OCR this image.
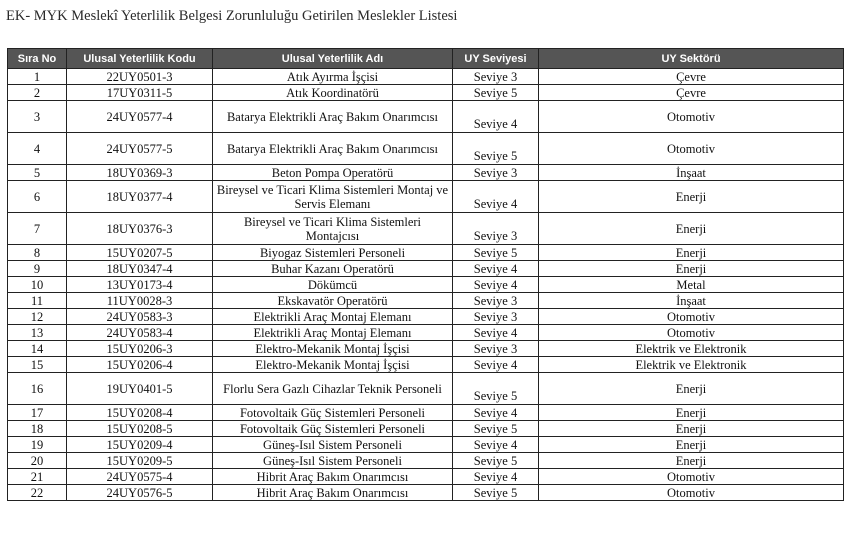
EK- MYK Meslekî Yeterlilik Belgesi Zorunluluğu Getirilen Meslekler Listesi
Sıra No	Ulusal Yeterlilik Kodu	Ulusal Yeterlilik Adı	UY Seviyesi	UY Sektörü
1	22UY0501-3	Atık Ayırma İşçisi	Seviye 3	Çevre
2	17UY0311-5	Atık Koordinatörü	Seviye 5	Çevre
3	24UY0577-4	Batarya Elektrikli Araç Bakım Onarımcısı	Seviye 4	Otomotiv
4	24UY0577-5	Batarya Elektrikli Araç Bakım Onarımcısı	Seviye 5	Otomotiv
5	18UY0369-3	Beton Pompa Operatörü	Seviye 3	İnşaat
6	18UY0377-4	Bireysel ve Ticari Klima Sistemleri Montaj ve Servis Elemanı	Seviye 4	Enerji
7	18UY0376-3	Bireysel ve Ticari Klima Sistemleri Montajcısı	Seviye 3	Enerji
8	15UY0207-5	Biyogaz Sistemleri Personeli	Seviye 5	Enerji
9	18UY0347-4	Buhar Kazanı Operatörü	Seviye 4	Enerji
10	13UY0173-4	Dökümcü	Seviye 4	Metal
11	11UY0028-3	Ekskavatör Operatörü	Seviye 3	İnşaat
12	24UY0583-3	Elektrikli Araç Montaj Elemanı	Seviye 3	Otomotiv
13	24UY0583-4	Elektrikli Araç Montaj Elemanı	Seviye 4	Otomotiv
14	15UY0206-3	Elektro-Mekanik Montaj İşçisi	Seviye 3	Elektrik ve Elektronik
15	15UY0206-4	Elektro-Mekanik Montaj İşçisi	Seviye 4	Elektrik ve Elektronik
16	19UY0401-5	Florlu Sera Gazlı Cihazlar Teknik Personeli	Seviye 5	Enerji
17	15UY0208-4	Fotovoltaik Güç Sistemleri Personeli	Seviye 4	Enerji
18	15UY0208-5	Fotovoltaik Güç Sistemleri Personeli	Seviye 5	Enerji
19	15UY0209-4	Güneş-Isıl Sistem Personeli	Seviye 4	Enerji
20	15UY0209-5	Güneş-Isıl Sistem Personeli	Seviye 5	Enerji
21	24UY0575-4	Hibrit Araç Bakım Onarımcısı	Seviye 4	Otomotiv
22	24UY0576-5	Hibrit Araç Bakım Onarımcısı	Seviye 5	Otomotiv
